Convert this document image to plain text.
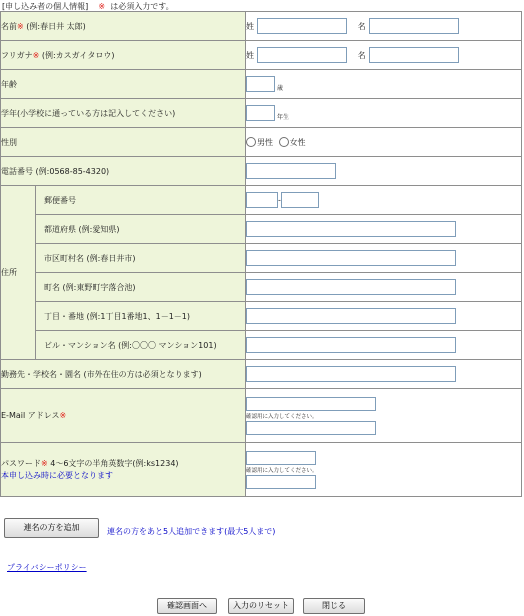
[申し込み者の個人情報] ※ は必須入力です。
名前※ (例:春日井 太郎)		姓 名
フリガナ※ (例:カスガイタロウ)		姓 名
年齢		歳
学年(小学校に通っている方は記入してください)		年生
性別		男性 女性
電話番号 (例:0568-85-4320)		
住所	郵便番号	-
	都道府県 (例:愛知県)	
	市区町村名 (例:春日井市)	
	町名 (例:東野町字落合池)	
	丁目・番地 (例:1丁目1番地1、1－1－1)	
	ビル・マンション名 (例:〇〇〇 マンション101)	
勤務先・学校名・園名 (市外在住の方は必須となります)		
E-Mail アドレス※		確認用に入力してください。

パスワード※ 4～6文字の半角英数字(例:ks1234)
本申し込み時に必要となります		確認用に入力してください。
連名の方を追加	連名の方をあと5人追加できます(最大5人まで)
プライバシーポリシー
確認画面へ	入力のリセット	閉じる
